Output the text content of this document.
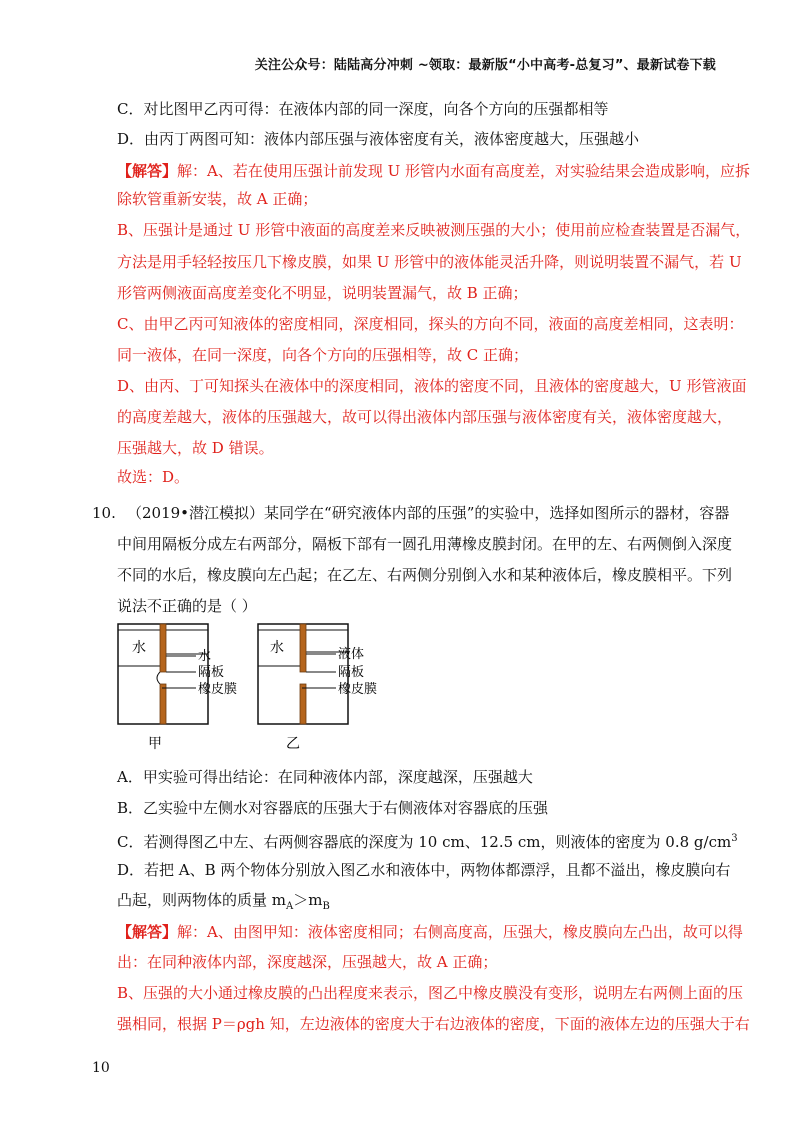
关注公众号：陆陆高分冲刺 ~领取：最新版“小中高考-总复习”、最新试卷下载
C．对比图甲乙丙可得：在液体内部的同一深度，向各个方向的压强都相等
D．由丙丁两图可知：液体内部压强与液体密度有关，液体密度越大，压强越小
【解答】解：A、若在使用压强计前发现 U 形管内水面有高度差，对实验结果会造成影响，应拆
除软管重新安装，故 A 正确；
B、压强计是通过 U 形管中液面的高度差来反映被测压强的大小；使用前应检查装置是否漏气，
方法是用手轻轻按压几下橡皮膜，如果 U 形管中的液体能灵活升降，则说明装置不漏气，若 U
形管两侧液面高度差变化不明显，说明装置漏气，故 B 正确；
C、由甲乙丙可知液体的密度相同，深度相同，探头的方向不同，液面的高度差相同，这表明：
同一液体，在同一深度，向各个方向的压强相等，故 C 正确；
D、由丙、丁可知探头在液体中的深度相同，液体的密度不同，且液体的密度越大，U 形管液面
的高度差越大，液体的压强越大，故可以得出液体内部压强与液体密度有关，液体密度越大，
压强越大，故 D 错误。
故选：D。
10. （2019•潜江模拟）某同学在“研究液体内部的压强”的实验中，选择如图所示的器材，容器
中间用隔板分成左右两部分，隔板下部有一圆孔用薄橡皮膜封闭。在甲的左、右两侧倒入深度
不同的水后，橡皮膜向左凸起；在乙左、右两侧分别倒入水和某种液体后，橡皮膜相平。下列
说法不正确的是（ ）
水
水
隔板
橡皮膜
水	液体
隔板
橡皮膜
甲	乙
A．甲实验可得出结论：在同种液体内部，深度越深，压强越大
B．乙实验中左侧水对容器底的压强大于右侧液体对容器底的压强
C．若测得图乙中左、右两侧容器底的深度为 10 cm、12.5 cm，则液体的密度为 0.8 $g/cm^3$
D．若把 A、B 两个物体分别放入图乙水和液体中，两物体都漂浮，且都不溢出，橡皮膜向右
凸起，则两物体的质量 $m_A>m_B$
【解答】解：A、由图甲知：液体密度相同；右侧高度高，压强大，橡皮膜向左凸出，故可以得
出：在同种液体内部，深度越深，压强越大，故 A 正确；
B、压强的大小通过橡皮膜的凸出程度来表示，图乙中橡皮膜没有变形，说明左右两侧上面的压
强相同，根据 P＝ρgh 知，左边液体的密度大于右边液体的密度，下面的液体左边的压强大于右
10
